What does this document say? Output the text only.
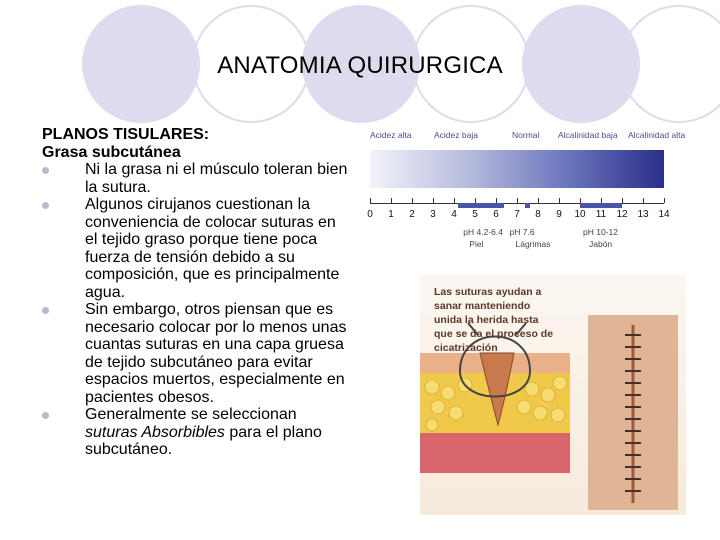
ANATOMIA QUIRURGICA
PLANOS TISULARES:
Grasa subcutánea
Ni la grasa ni el músculo toleran bien la sutura.
Algunos cirujanos cuestionan la conveniencia de colocar suturas en el tejido graso porque tiene poca fuerza de tensión debido a su composición, que es principalmente agua.
Sin embargo, otros piensan que es necesario colocar por lo menos unas cuantas suturas en una capa gruesa de tejido subcutáneo para evitar espacios muertos, especialmente en pacientes obesos.
Generalmente se seleccionan suturas Absorbibles para el plano subcutáneo.
Acidez alta	Acidez baja	Normal Alcalinidad baja Alcalinidad alta
0	1	2	3	4	5	6	7	8	9	10 11 12 13 14
pH 4.2-6.4
Piel
pH 7.6
Lágrimas
pH 10-12
Jabón
Las suturas ayudan a sanar manteniendo unida la herida hasta que se da el proceso de cicatrización
